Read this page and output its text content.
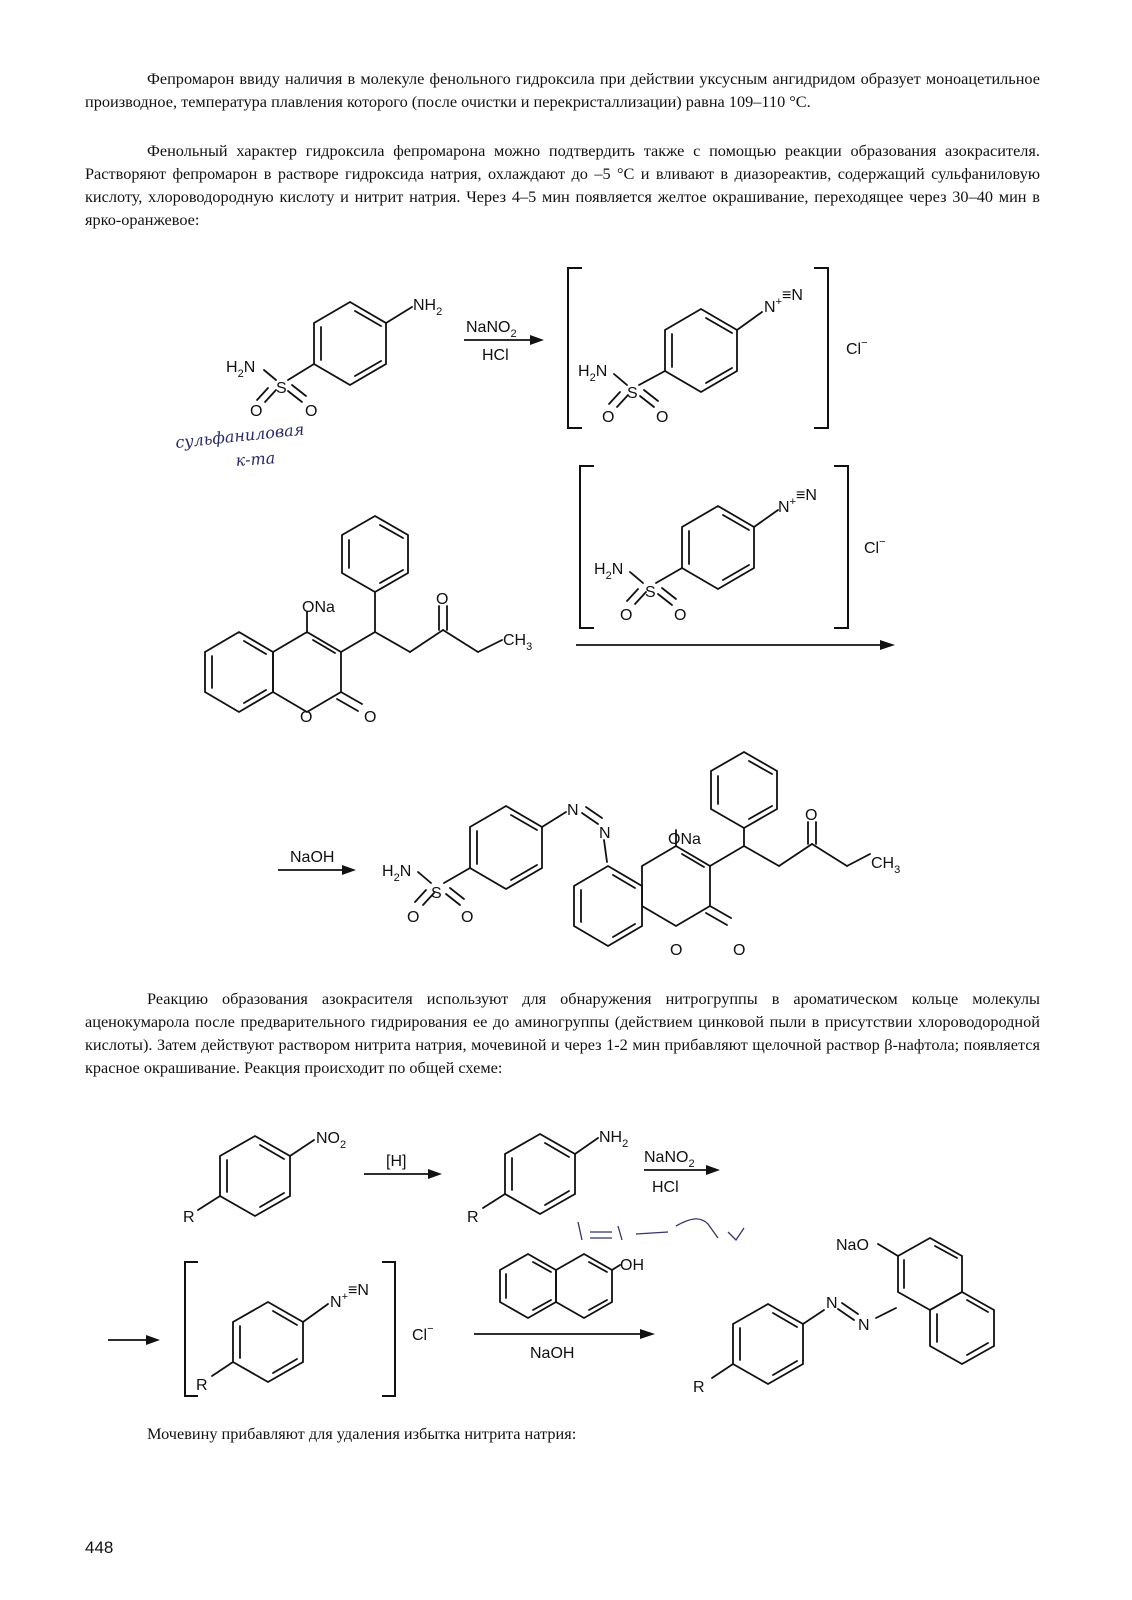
Фепромарон ввиду наличия в молекуле фенольного гидроксила при действии уксусным ангидридом образует моноацетильное производное, температура плавления которого (после очистки и перекристаллизации) равна 109–110 °С.

Фенольный характер гидроксила фепромарона можно подтвердить также с помощью реакции образования азокрасителя. Растворяют фепромарон в растворе гидроксида натрия, охлаждают до –5 °С и вливают в диазореактив, содержащий сульфаниловую кислоту, хлороводородную кислоту и нитрит натрия. Через 4–5 мин появляется желтое окрашивание, переходящее через 30–40 мин в ярко-оранжевое:

$NH_2$
$H_2N$
S
O	O
сульфаниловая
к-та
NaNO$_2$
HCl
N+≡N
$H_2N$
S
O	O
Cl−
ONa
O	O
O
$CH_3$
N+≡N
$H_2N$
S
O	O
Cl−
NaOH
$H_2N$
S
O	O
N
N	ONa
O	O
O
$CH_3$

Реакцию образования азокрасителя используют для обнаружения нитрогруппы в ароматическом кольце молекулы аценокумарола после предварительного гидрирования ее до аминогруппы (действием цинковой пыли в присутствии хлороводородной кислоты). Затем действуют раствором нитрита натрия, мочевиной и через 1-2 мин прибавляют щелочной раствор β-нафтола; появляется красное окрашивание. Реакция происходит по общей схеме:

$NO_2$
R
[H]
$NH_2$
R
NaNO$_2$
HCl
N+≡N
R
Cl−
OH
NaOH
N
N
NaO
R

Мочевину прибавляют для удаления избытка нитрита натрия:

448
